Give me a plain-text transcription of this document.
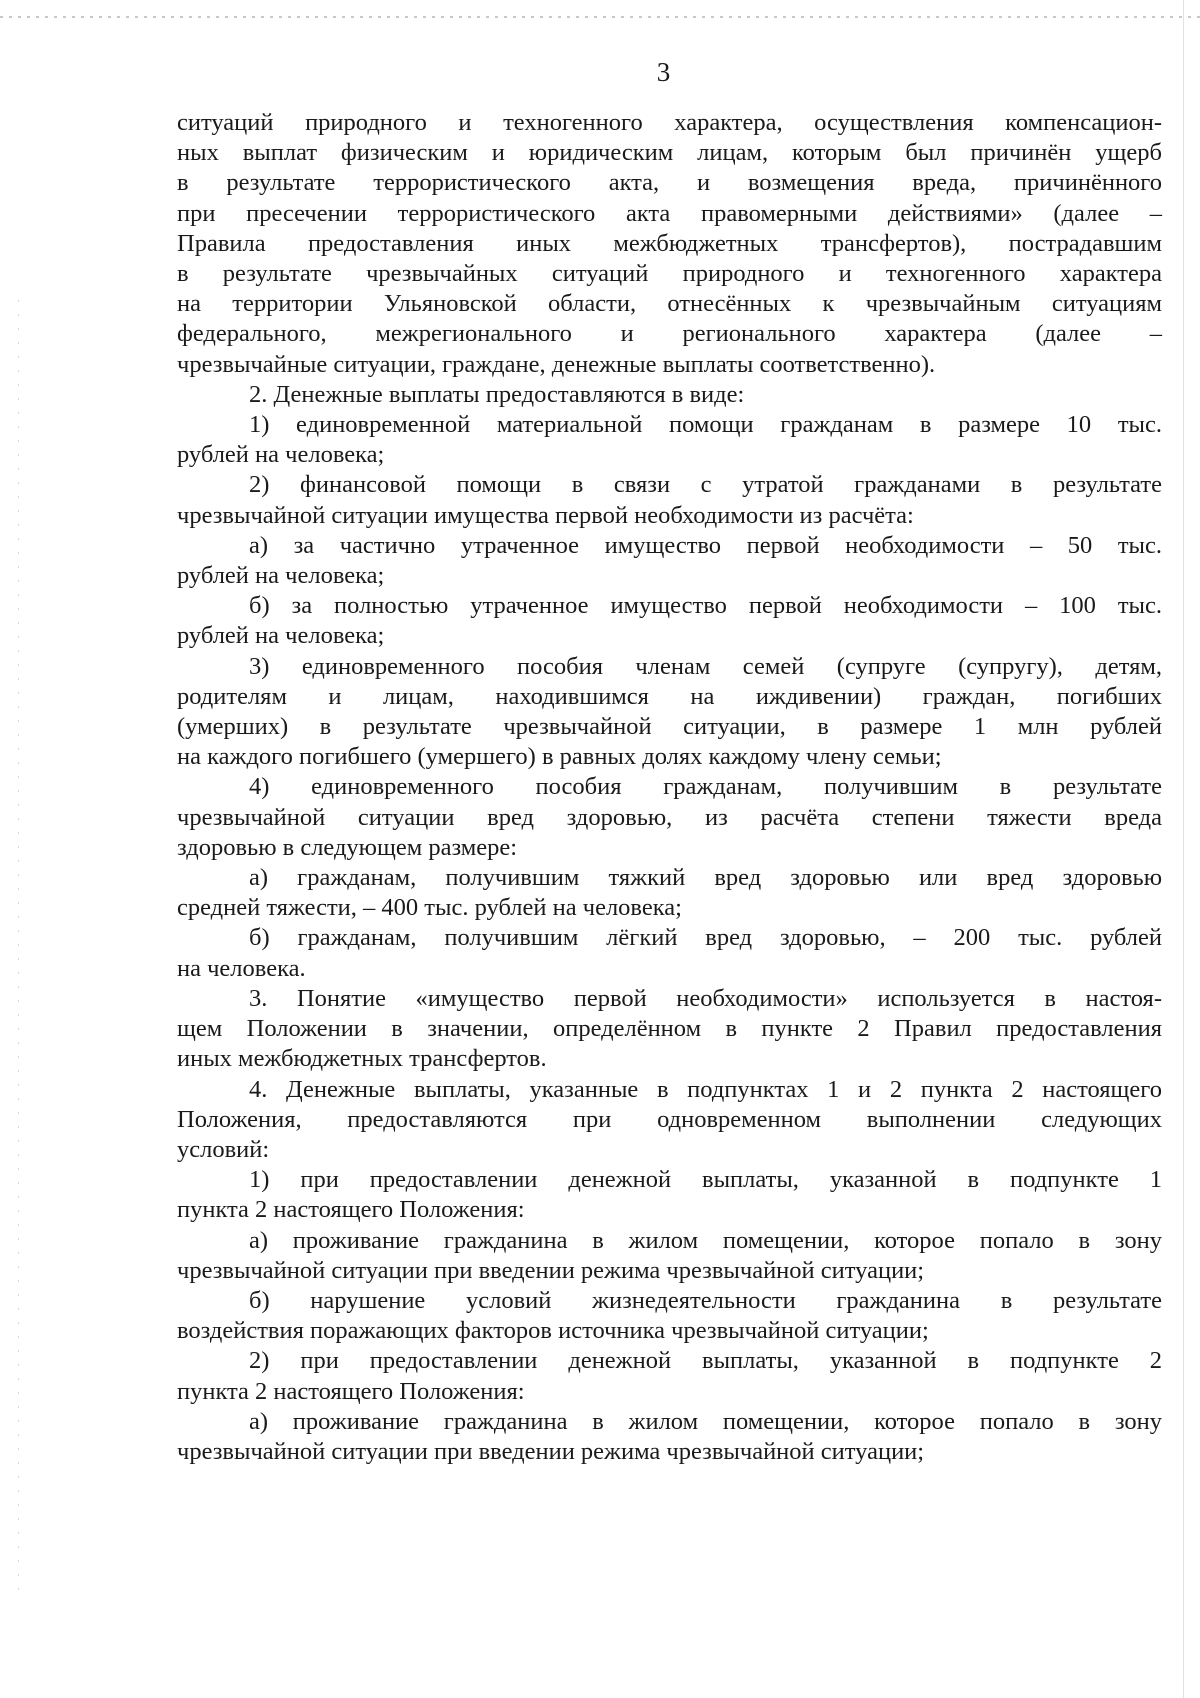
3
ситуаций природного и техногенного характера, осуществления компенсацион-
ных выплат физическим и юридическим лицам, которым был причинён ущерб
в результате террористического акта, и возмещения вреда, причинённого
при пресечении террористического акта правомерными действиями» (далее –
Правила предоставления иных межбюджетных трансфертов), пострадавшим
в результате чрезвычайных ситуаций природного и техногенного характера
на территории Ульяновской области, отнесённых к чрезвычайным ситуациям
федерального, межрегионального и регионального характера (далее –
чрезвычайные ситуации, граждане, денежные выплаты соответственно).
2. Денежные выплаты предоставляются в виде:
1) единовременной материальной помощи гражданам в размере 10 тыс.
рублей на человека;
2) финансовой помощи в связи с утратой гражданами в результате
чрезвычайной ситуации имущества первой необходимости из расчёта:
а) за частично утраченное имущество первой необходимости – 50 тыс.
рублей на человека;
б) за полностью утраченное имущество первой необходимости – 100 тыс.
рублей на человека;
3) единовременного пособия членам семей (супруге (супругу), детям,
родителям и лицам, находившимся на иждивении) граждан, погибших
(умерших) в результате чрезвычайной ситуации, в размере 1 млн рублей
на каждого погибшего (умершего) в равных долях каждому члену семьи;
4) единовременного пособия гражданам, получившим в результате
чрезвычайной ситуации вред здоровью, из расчёта степени тяжести вреда
здоровью в следующем размере:
а) гражданам, получившим тяжкий вред здоровью или вред здоровью
средней тяжести, – 400 тыс. рублей на человека;
б) гражданам, получившим лёгкий вред здоровью, – 200 тыс. рублей
на человека.
3. Понятие «имущество первой необходимости» используется в настоя-
щем Положении в значении, определённом в пункте 2 Правил предоставления
иных межбюджетных трансфертов.
4. Денежные выплаты, указанные в подпунктах 1 и 2 пункта 2 настоящего
Положения, предоставляются при одновременном выполнении следующих
условий:
1) при предоставлении денежной выплаты, указанной в подпункте 1
пункта 2 настоящего Положения:
а) проживание гражданина в жилом помещении, которое попало в зону
чрезвычайной ситуации при введении режима чрезвычайной ситуации;
б) нарушение условий жизнедеятельности гражданина в результате
воздействия поражающих факторов источника чрезвычайной ситуации;
2) при предоставлении денежной выплаты, указанной в подпункте 2
пункта 2 настоящего Положения:
а) проживание гражданина в жилом помещении, которое попало в зону
чрезвычайной ситуации при введении режима чрезвычайной ситуации;
